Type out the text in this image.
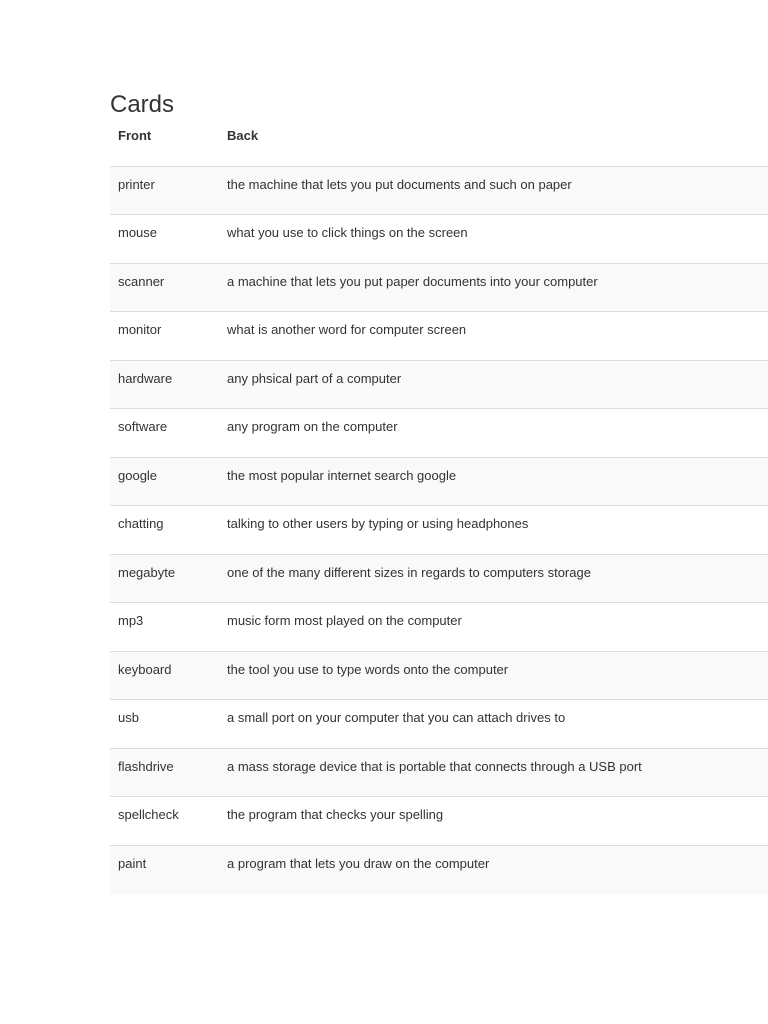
Cards
Front	Back
printer	the machine that lets you put documents and such on paper
mouse	what you use to click things on the screen
scanner	a machine that lets you put paper documents into your computer
monitor	what is another word for computer screen
hardware	any phsical part of a computer
software	any program on the computer
google	the most popular internet search google
chatting	talking to other users by typing or using headphones
megabyte	one of the many different sizes in regards to computers storage
mp3	music form most played on the computer
keyboard	the tool you use to type words onto the computer
usb	a small port on your computer that you can attach drives to
flashdrive	a mass storage device that is portable that connects through a USB port
spellcheck	the program that checks your spelling
paint	a program that lets you draw on the computer
